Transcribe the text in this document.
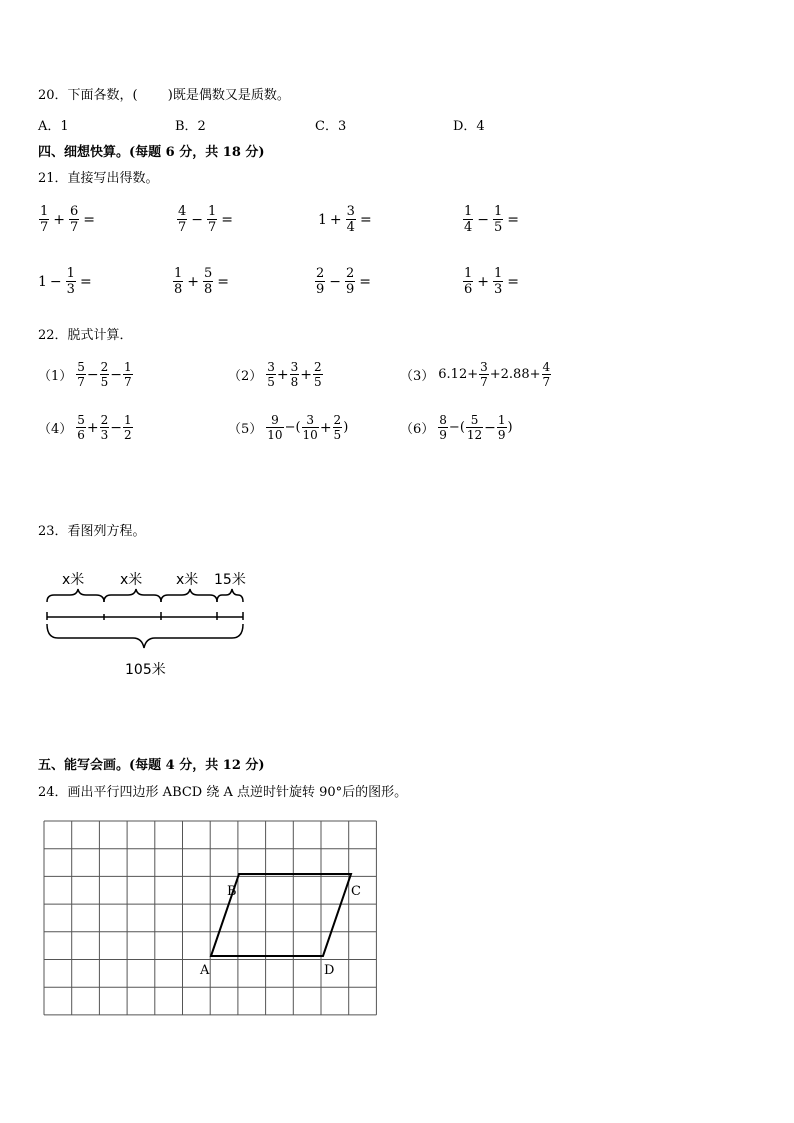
20．下面各数，(　　 )既是偶数又是质数。
A．1	B．2	C．3	D．4
四、细想快算。(每题 6 分，共 18 分)
21．直接写出得数。
$\frac{1}{7} + \frac{6}{7}$ =	$\frac{4}{7} - \frac{1}{7}$ =	$1 + \frac{3}{4}$ =	$\frac{1}{4} - \frac{1}{5}$ =
$1 - \frac{1}{3}$ =	$\frac{1}{8} + \frac{5}{8}$ =	$\frac{2}{9} - \frac{2}{9}$ =	$\frac{1}{6} + \frac{1}{3}$ =
22．脱式计算．
$(1) \frac{5}{7} - \frac{2}{5} - \frac{1}{7}$	$(2) \frac{3}{5} + \frac{3}{8} + \frac{2}{5}$	（3） $6.12+ \frac{3}{7} +2.88+ \frac{4}{7}$
$(4) \frac{5}{6} + \frac{2}{3} - \frac{1}{2}$	$(5) \frac{9}{10}$ −( $\frac{3}{10} + \frac{2}{5}$ )	$(6) \frac{8}{9}$ −( $\frac{5}{12} - \frac{1}{9}$ )
23．看图列方程。
x米	x米 x米 15米
105米
五、能写会画。(每题 4 分，共 12 分)
24．画出平行四边形 ABCD 绕 A 点逆时针旋转 90°后的图形。
A
B	C
D
